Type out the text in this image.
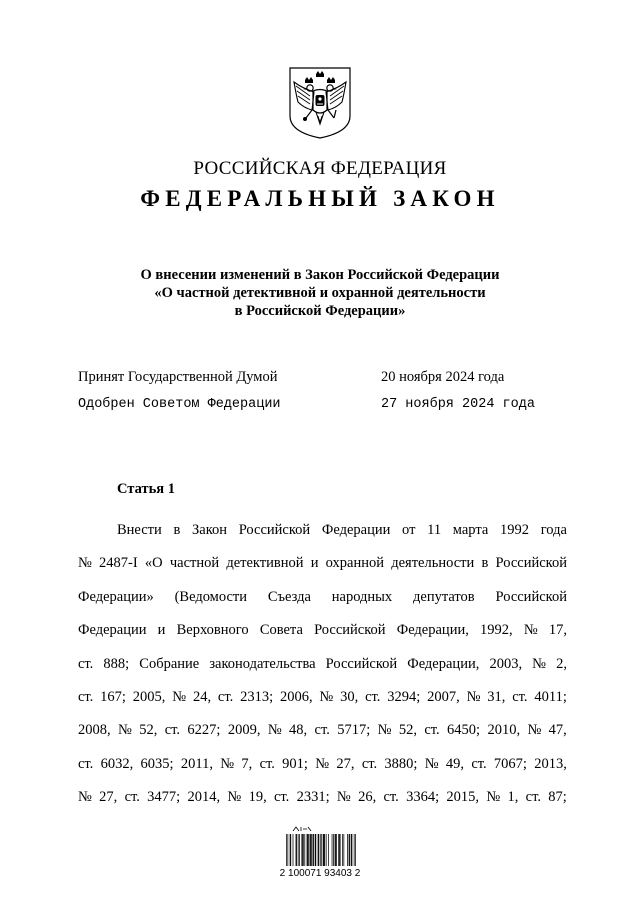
РОССИЙСКАЯ ФЕДЕРАЦИЯ
ФЕДЕРАЛЬНЫЙ ЗАКОН
О внесении изменений в Закон Российской Федерации
«О частной детективной и охранной деятельности
в Российской Федерации»
Принят Государственной Думой	20 ноября 2024 года
Одобрен Советом Федерации	27 ноября 2024 года
Статья 1
Внести в Закон Российской Федерации от 11 марта 1992 года
№ 2487-I «О частной детективной и охранной деятельности в Российской
Федерации» (Ведомости Съезда народных депутатов Российской
Федерации и Верховного Совета Российской Федерации, 1992, № 17,
ст. 888; Собрание законодательства Российской Федерации, 2003, № 2,
ст. 167; 2005, № 24, ст. 2313; 2006, № 30, ст. 3294; 2007, № 31, ст. 4011;
2008, № 52, ст. 6227; 2009, № 48, ст. 5717; № 52, ст. 6450; 2010, № 47,
ст. 6032, 6035; 2011, № 7, ст. 901; № 27, ст. 3880; № 49, ст. 7067; 2013,
№ 27, ст. 3477; 2014, № 19, ст. 2331; № 26, ст. 3364; 2015, № 1, ст. 87;
2 100071 93403 2
